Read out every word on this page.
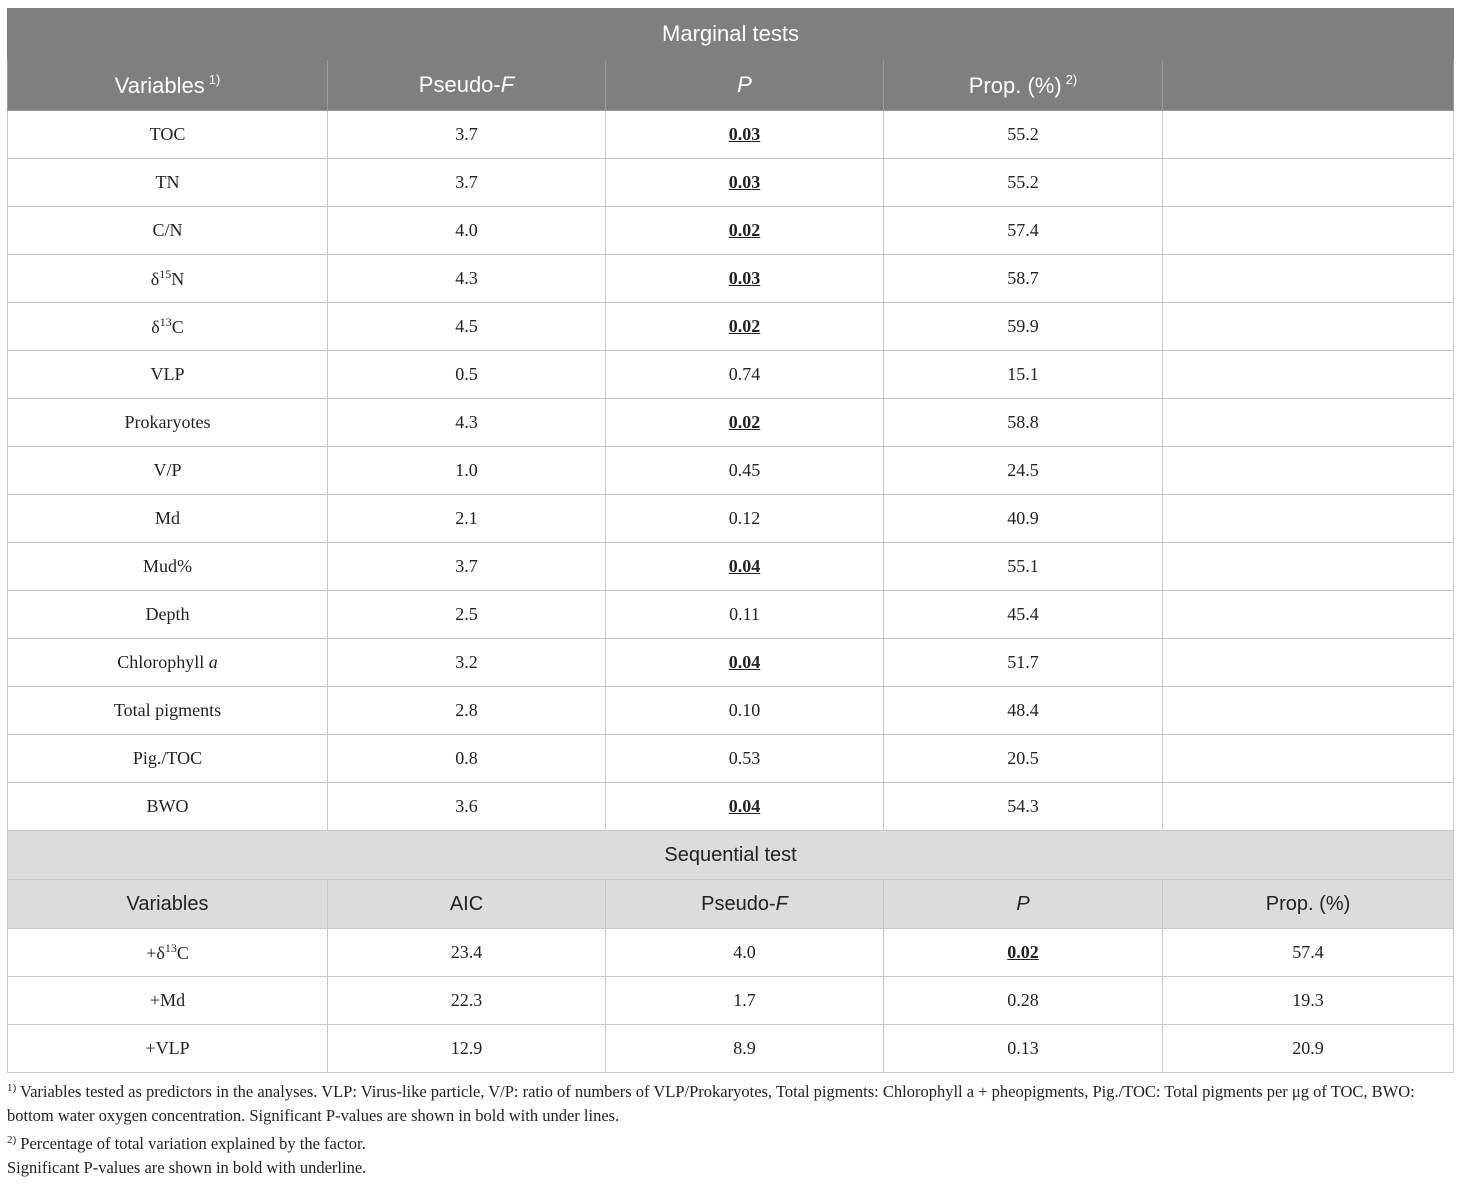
Marginal tests				
Variables $^{1)}$	Pseudo-F	P	Prop. (%) $^{2)}$	
TOC	3.7	0.03	55.2	
TN	3.7	0.03	55.2	
C/N	4.0	0.02	57.4	
$\delta^{15}N$	4.3	0.03	58.7	
$\delta^{13}C$	4.5	0.02	59.9	
VLP	0.5	0.74	15.1	
Prokaryotes	4.3	0.02	58.8	
V/P	1.0	0.45	24.5	
Md	2.1	0.12	40.9	
Mud%	3.7	0.04	55.1	
Depth	2.5	0.11	45.4	
Chlorophyll a	3.2	0.04	51.7	
Total pigments	2.8	0.10	48.4	
Pig./TOC	0.8	0.53	20.5	
BWO	3.6	0.04	54.3	
Sequential test				
Variables	AIC	Pseudo-F	P	Prop. (%)
$+\delta^{13}C$	23.4	4.0	0.02	57.4
+Md	22.3	1.7	0.28	19.3
+VLP	12.9	8.9	0.13	20.9
$^{1)}$ Variables tested as predictors in the analyses. VLP: Virus-like particle, V/P: ratio of numbers of VLP/Prokaryotes, Total pigments: Chlorophyll a + pheopigments, Pig./TOC: Total pigments per μg of TOC, BWO: bottom water oxygen concentration. Significant P-values are shown in bold with under lines.
$^{2)}$ Percentage of total variation explained by the factor.
Significant P-values are shown in bold with underline.
